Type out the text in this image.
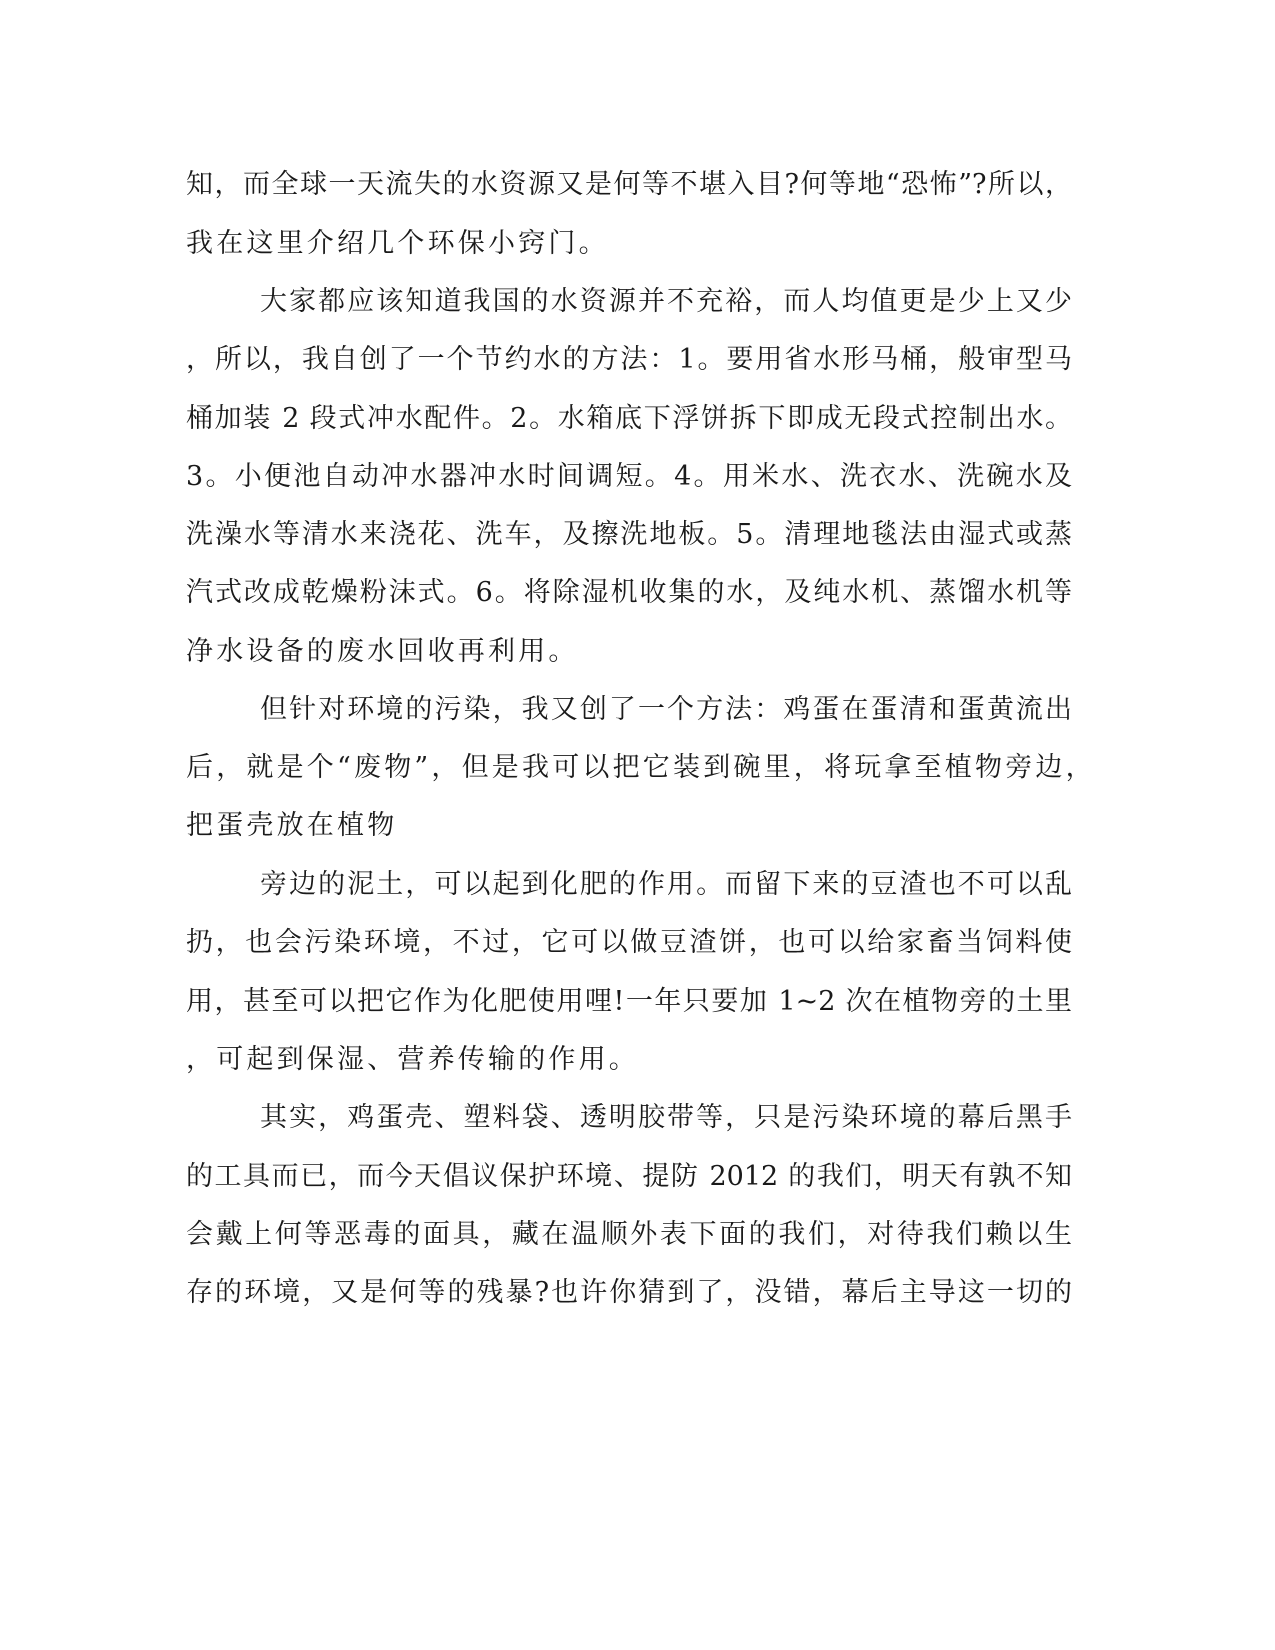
知，而全球一天流失的水资源又是何等不堪入目?何等地“恐怖”?所以，
我在这里介绍几个环保小窍门。
大家都应该知道我国的水资源并不充裕，而人均值更是少上又少
，所以，我自创了一个节约水的方法：1。要用省水形马桶，般审型马
桶加装 2 段式冲水配件。2。水箱底下浮饼拆下即成无段式控制出水。
3。小便池自动冲水器冲水时间调短。4。用米水、洗衣水、洗碗水及
洗澡水等清水来浇花、洗车，及擦洗地板。5。清理地毯法由湿式或蒸
汽式改成乾燥粉沫式。6。将除湿机收集的水，及纯水机、蒸馏水机等
净水设备的废水回收再利用。
但针对环境的污染，我又创了一个方法：鸡蛋在蛋清和蛋黄流出
后，就是个“废物”，但是我可以把它装到碗里，将玩拿至植物旁边，
把蛋壳放在植物
旁边的泥土，可以起到化肥的作用。而留下来的豆渣也不可以乱
扔，也会污染环境，不过，它可以做豆渣饼，也可以给家畜当饲料使
用，甚至可以把它作为化肥使用哩!一年只要加 1~2 次在植物旁的土里
，可起到保湿、营养传输的作用。
其实，鸡蛋壳、塑料袋、透明胶带等，只是污染环境的幕后黑手
的工具而已，而今天倡议保护环境、提防 2012 的我们，明天有孰不知
会戴上何等恶毒的面具，藏在温顺外表下面的我们，对待我们赖以生
存的环境，又是何等的残暴?也许你猜到了，没错，幕后主导这一切的
